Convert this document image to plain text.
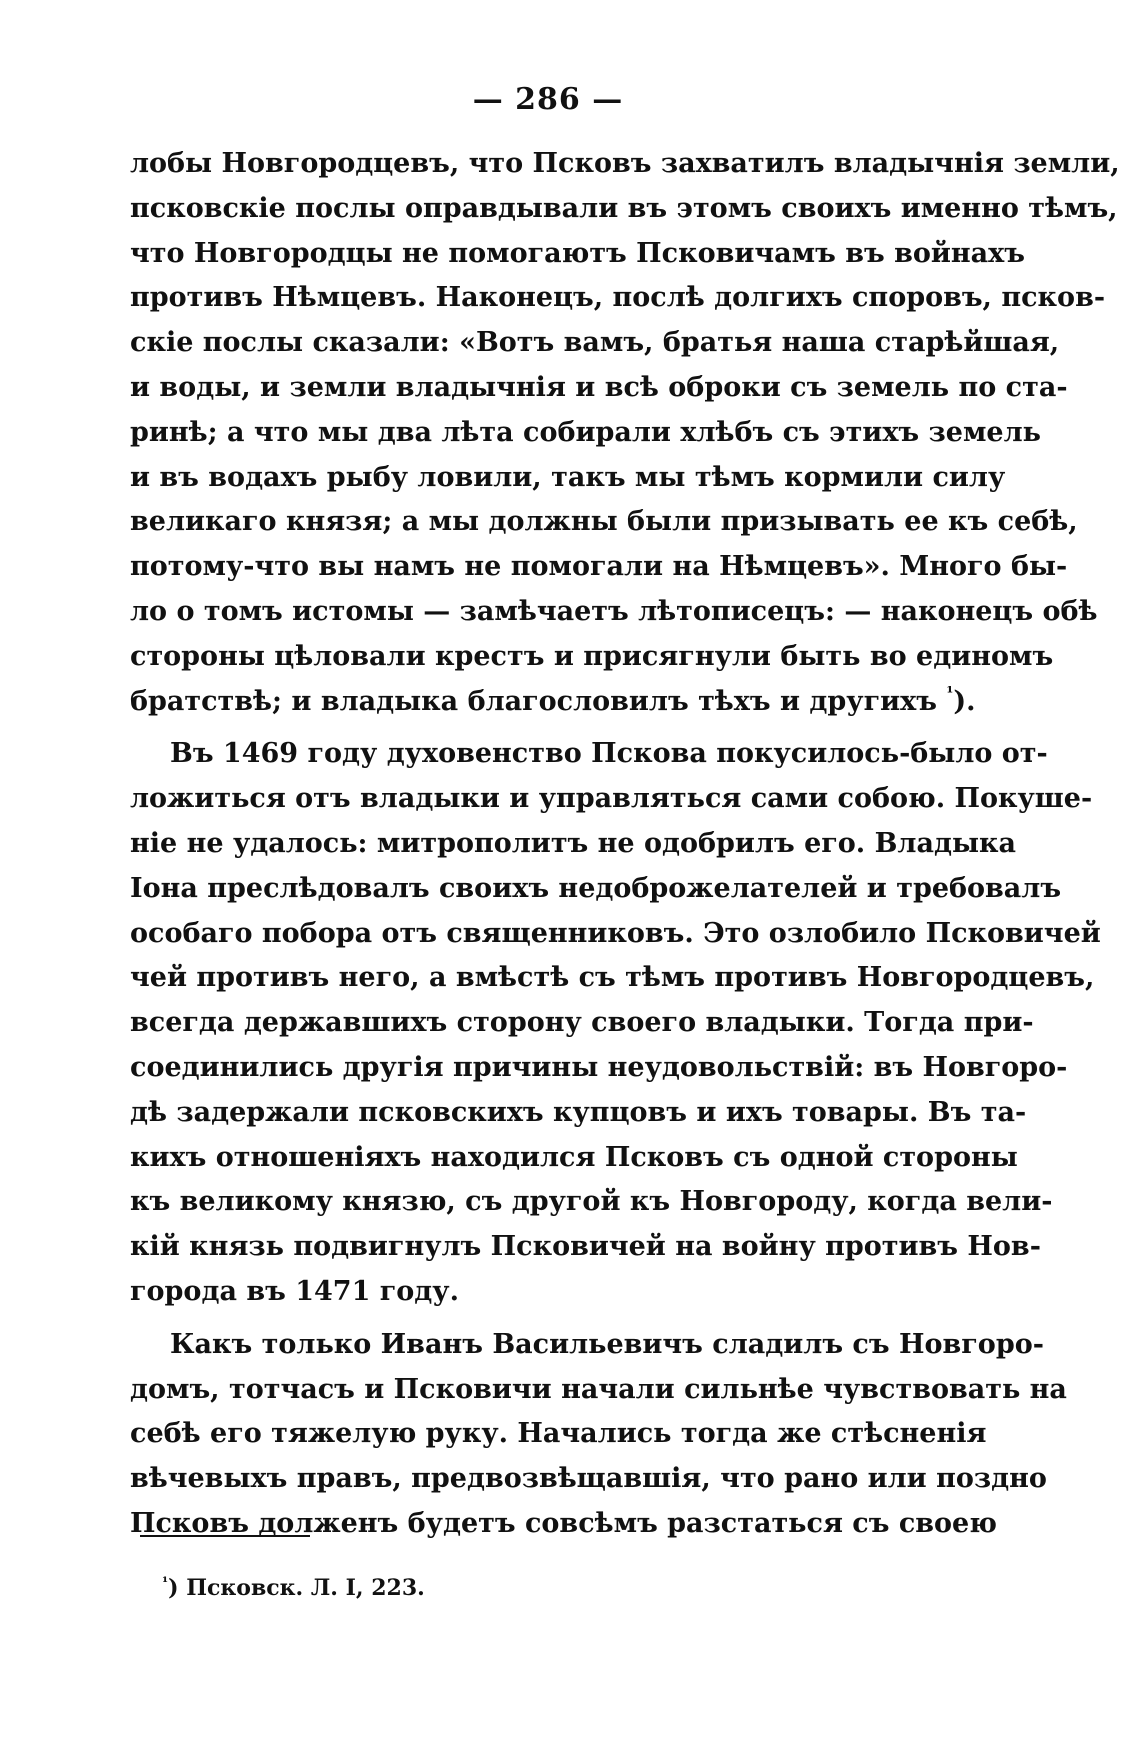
— 286 —
лобы Новгородцевъ, что Псковъ захватилъ владычнія земли,
псковскіе послы оправдывали въ этомъ своихъ именно тѣмъ,
что Новгородцы не помогаютъ Псковичамъ въ войнахъ
противъ Нѣмцевъ. Наконецъ, послѣ долгихъ споровъ, псков-
скіе послы сказали: «Вотъ вамъ, братья наша старѣйшая,
и воды, и земли владычнія и всѣ оброки съ земель по ста-
ринѣ; а что мы два лѣта собирали хлѣбъ съ этихъ земель
и въ водахъ рыбу ловили, такъ мы тѣмъ кормили силу
великаго князя; а мы должны были призывать ее къ себѣ,
потому-что вы намъ не помогали на Нѣмцевъ». Много бы-
ло о томъ истомы — замѣчаетъ лѣтописецъ: — наконецъ обѣ
стороны цѣловали крестъ и присягнули быть во единомъ
братствѣ; и владыка благословилъ тѣхъ и другихъ $^{^1}$).
Въ 1469 году духовенство Пскова покусилось-было от-
ложиться отъ владыки и управляться сами собою. Покуше-
ніе не удалось: митрополитъ не одобрилъ его. Владыка
Іона преслѣдовалъ своихъ недоброжелателей и требовалъ
особаго побора отъ священниковъ. Это озлобило Псковичей
чей противъ него, а вмѣстѣ съ тѣмъ противъ Новгородцевъ,
всегда державшихъ сторону своего владыки. Тогда при-
соединились другія причины неудовольствій: въ Новгоро-
дѣ задержали псковскихъ купцовъ и ихъ товары. Въ та-
кихъ отношеніяхъ находился Псковъ съ одной стороны
къ великому князю, съ другой къ Новгороду, когда вели-
кій князь подвигнулъ Псковичей на войну противъ Нов-
города въ 1471 году.
Какъ только Иванъ Васильевичъ сладилъ съ Новгоро-
домъ, тотчасъ и Псковичи начали сильнѣе чувствовать на
себѣ его тяжелую руку. Начались тогда же стѣсненія
вѣчевыхъ правъ, предвозвѣщавшія, что рано или поздно
Псковъ долженъ будетъ совсѣмъ разстаться съ своею
$^{^1}$) Псковск. Л. I, 223.
